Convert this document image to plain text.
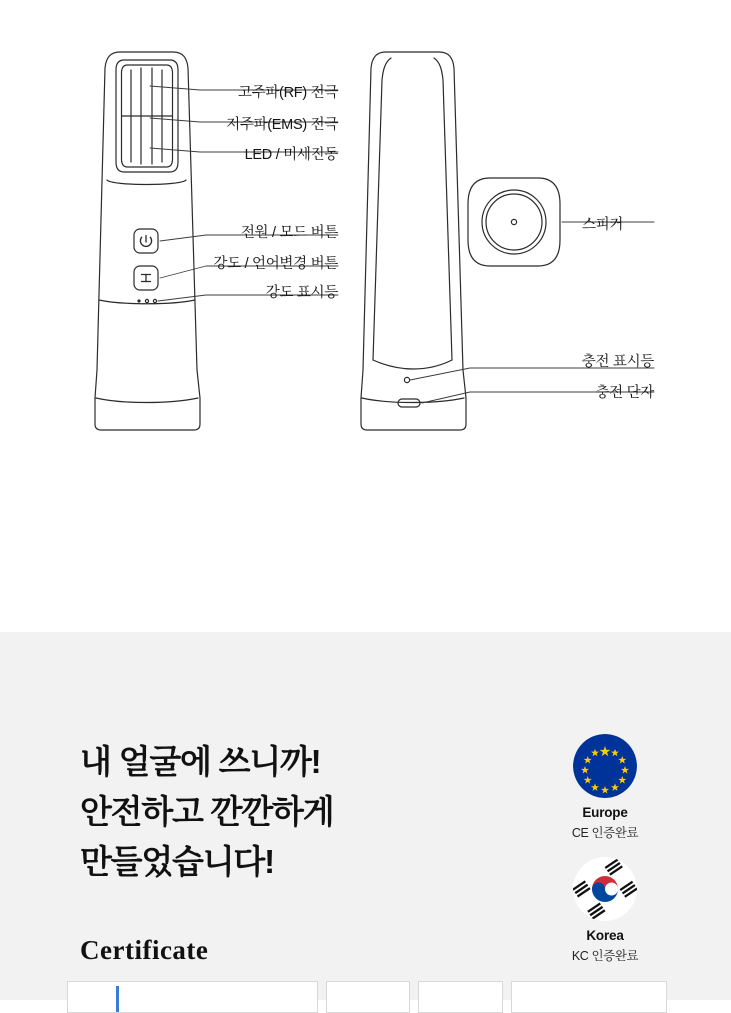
고주파(RF) 전극
저주파(EMS) 전극
LED / 미세진동
전원 / 모드 버튼
강도 / 언어변경 버튼
강도 표시등
스피커
충전 표시등
충전 단자
내 얼굴에 쓰니까!
안전하고 깐깐하게
만들었습니다!
Certificate
Europe
CE 인증완료
Korea
KC 인증완료
